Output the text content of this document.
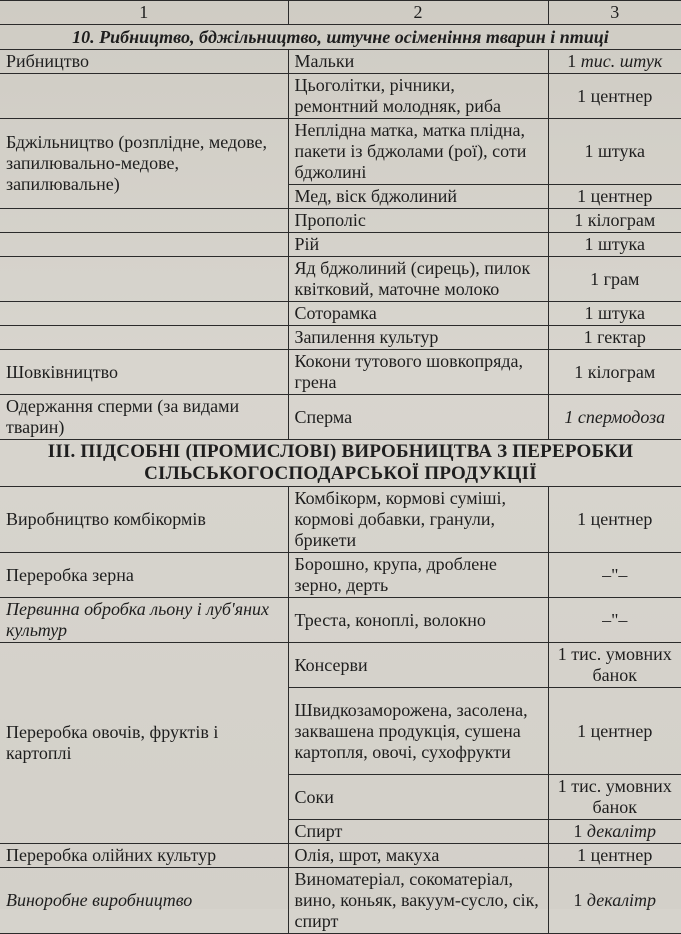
1	2	3
10. Рибництво, бджільництво, штучне осіменіння тварин і птиці		
Рибництво	Мальки	1 тис. штук
	Цьоголітки, річники, ремонтний молодняк, риба	1 центнер
Бджільництво (розплідне, медове, запилювально-медове, запилювальне)	Неплідна матка, матка плідна, пакети із бджолами (рої), соти бджолині	1 штука
	Мед, віск бджолиний	1 центнер
	Прополіс	1 кілограм
	Рій	1 штука
	Яд бджолиний (сирець), пилок квітковий, маточне молоко	1 грам
	Соторамка	1 штука
	Запилення культур	1 гектар
Шовківництво	Кокони тутового шовкопряда, грена	1 кілограм
Одержання сперми (за видами тварин)	Сперма	1 спермодоза

ІІІ. ПІДСОБНІ (ПРОМИСЛОВІ) ВИРОБНИЦТВА З ПЕРЕРОБКИ
СІЛЬСЬКОГОСПОДАРСЬКОЇ ПРОДУКЦІЇ		

Виробництво комбікормів	Комбікорм, кормові суміші, кормові добавки, гранули, брикети	1 центнер
Переробка зерна	Борошно, крупа, дроблене зерно, дерть	–"–
Первинна обробка льону і луб'яних культур	Треста, коноплі, волокно	–"–
Переробка овочів, фруктів і картоплі	Консерви	1 тис. умовних банок
	Швидкозаморожена, засолена, заквашена продукція, сушена картопля, овочі, сухофрукти	1 центнер
	Соки	1 тис. умовних банок
	Спирт	1 декалітр
Переробка олійних культур	Олія, шрот, макуха	1 центнер
Виноробне виробництво	Виноматеріал, сокоматеріал, вино, коньяк, вакуум-сусло, сік, спирт	1 декалітр
